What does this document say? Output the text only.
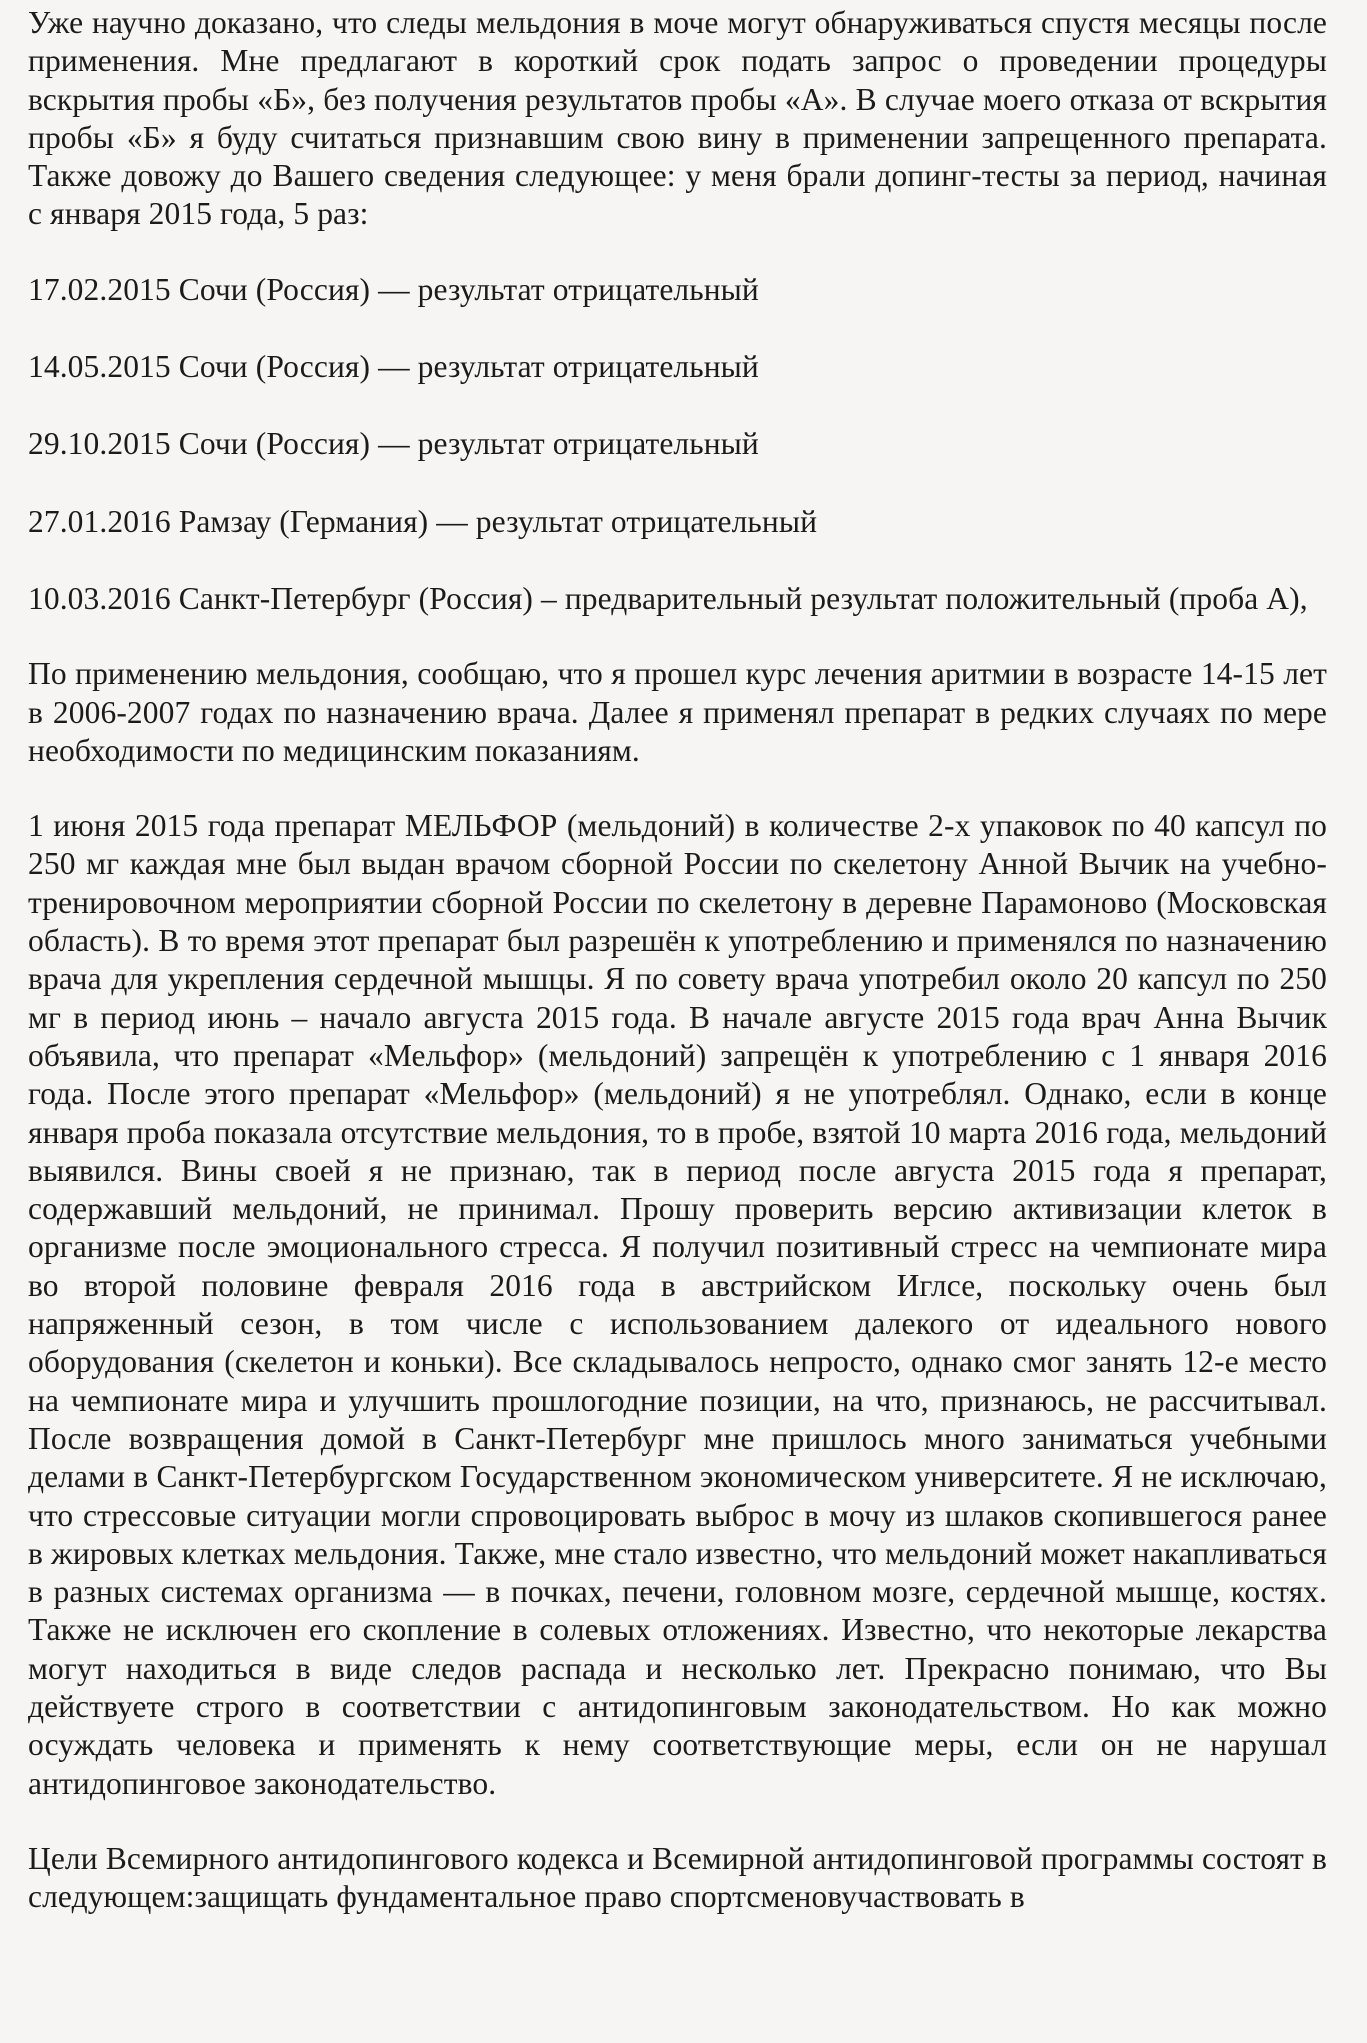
Уже научно доказано, что следы мельдония в моче могут обнаруживаться спустя месяцы после применения. Мне предлагают в короткий срок подать запрос о проведении процедуры вскрытия пробы «Б», без получения результатов пробы «А». В случае моего отказа от вскрытия пробы «Б» я буду считаться признавшим свою вину в применении запрещенного препарата. Также довожу до Вашего сведения следующее: у меня брали допинг-тесты за период, начиная с января 2015 года, 5 раз:

17.02.2015 Сочи (Россия) — результат отрицательный

14.05.2015 Сочи (Россия) — результат отрицательный

29.10.2015 Сочи (Россия) — результат отрицательный

27.01.2016 Рамзау (Германия) — результат отрицательный

10.03.2016 Санкт-Петербург (Россия) – предварительный результат положительный (проба А),

По применению мельдония, сообщаю, что я прошел курс лечения аритмии в возрасте 14-15 лет в 2006-2007 годах по назначению врача. Далее я применял препарат в редких случаях по мере необходимости по медицинским показаниям.

1 июня 2015 года препарат МЕЛЬФОР (мельдоний) в количестве 2-х упаковок по 40 капсул по 250 мг каждая мне был выдан врачом сборной России по скелетону Анной Вычик на учебно-тренировочном мероприятии сборной России по скелетону в деревне Парамоново (Московская область). В то время этот препарат был разрешён к употреблению и применялся по назначению врача для укрепления сердечной мышцы. Я по совету врача употребил около 20 капсул по 250 мг в период июнь – начало августа 2015 года. В начале августе 2015 года врач Анна Вычик объявила, что препарат «Мельфор» (мельдоний) запрещён к употреблению с 1 января 2016 года. После этого препарат «Мельфор» (мельдоний) я не употреблял. Однако, если в конце января проба показала отсутствие мельдония, то в пробе, взятой 10 марта 2016 года, мельдоний выявился. Вины своей я не признаю, так в период после августа 2015 года я препарат, содержавший мельдоний, не принимал. Прошу проверить версию активизации клеток в организме после эмоционального стресса. Я получил позитивный стресс на чемпионате мира во второй половине февраля 2016 года в австрийском Иглсе, поскольку очень был напряженный сезон, в том числе с использованием далекого от идеального нового оборудования (скелетон и коньки). Все складывалось непросто, однако смог занять 12-е место на чемпионате мира и улучшить прошлогодние позиции, на что, признаюсь, не рассчитывал. После возвращения домой в Санкт-Петербург мне пришлось много заниматься учебными делами в Санкт-Петербургском Государственном экономическом университете. Я не исключаю, что стрессовые ситуации могли спровоцировать выброс в мочу из шлаков скопившегося ранее в жировых клетках мельдония. Также, мне стало известно, что мельдоний может накапливаться в разных системах организма — в почках, печени, головном мозге, сердечной мышце, костях. Также не исключен его скопление в солевых отложениях. Известно, что некоторые лекарства могут находиться в виде следов распада и несколько лет. Прекрасно понимаю, что Вы действуете строго в соответствии с антидопинговым законодательством. Но как можно осуждать человека и применять к нему соответствующие меры, если он не нарушал антидопинговое законодательство.

Цели Всемирного антидопингового кодекса и Всемирной антидопинговой программы состоят в следующем:защищать фундаментальное право спортсменовучаствовать в
